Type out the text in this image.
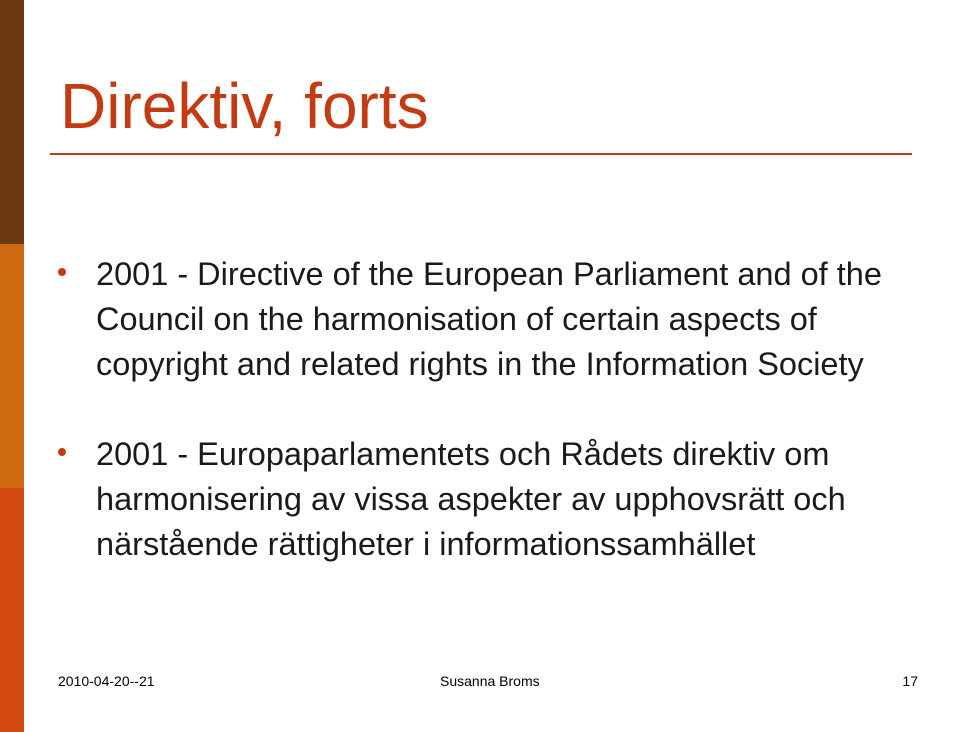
Direktiv, forts
2001 - Directive of the European Parliament and of the Council on the harmonisation of certain aspects of copyright and related rights in the Information Society
2001 - Europaparlamentets och Rådets direktiv om harmonisering av vissa aspekter av upphovsrätt och närstående rättigheter i informationssamhället
2010-04-20--21	Susanna Broms	17
